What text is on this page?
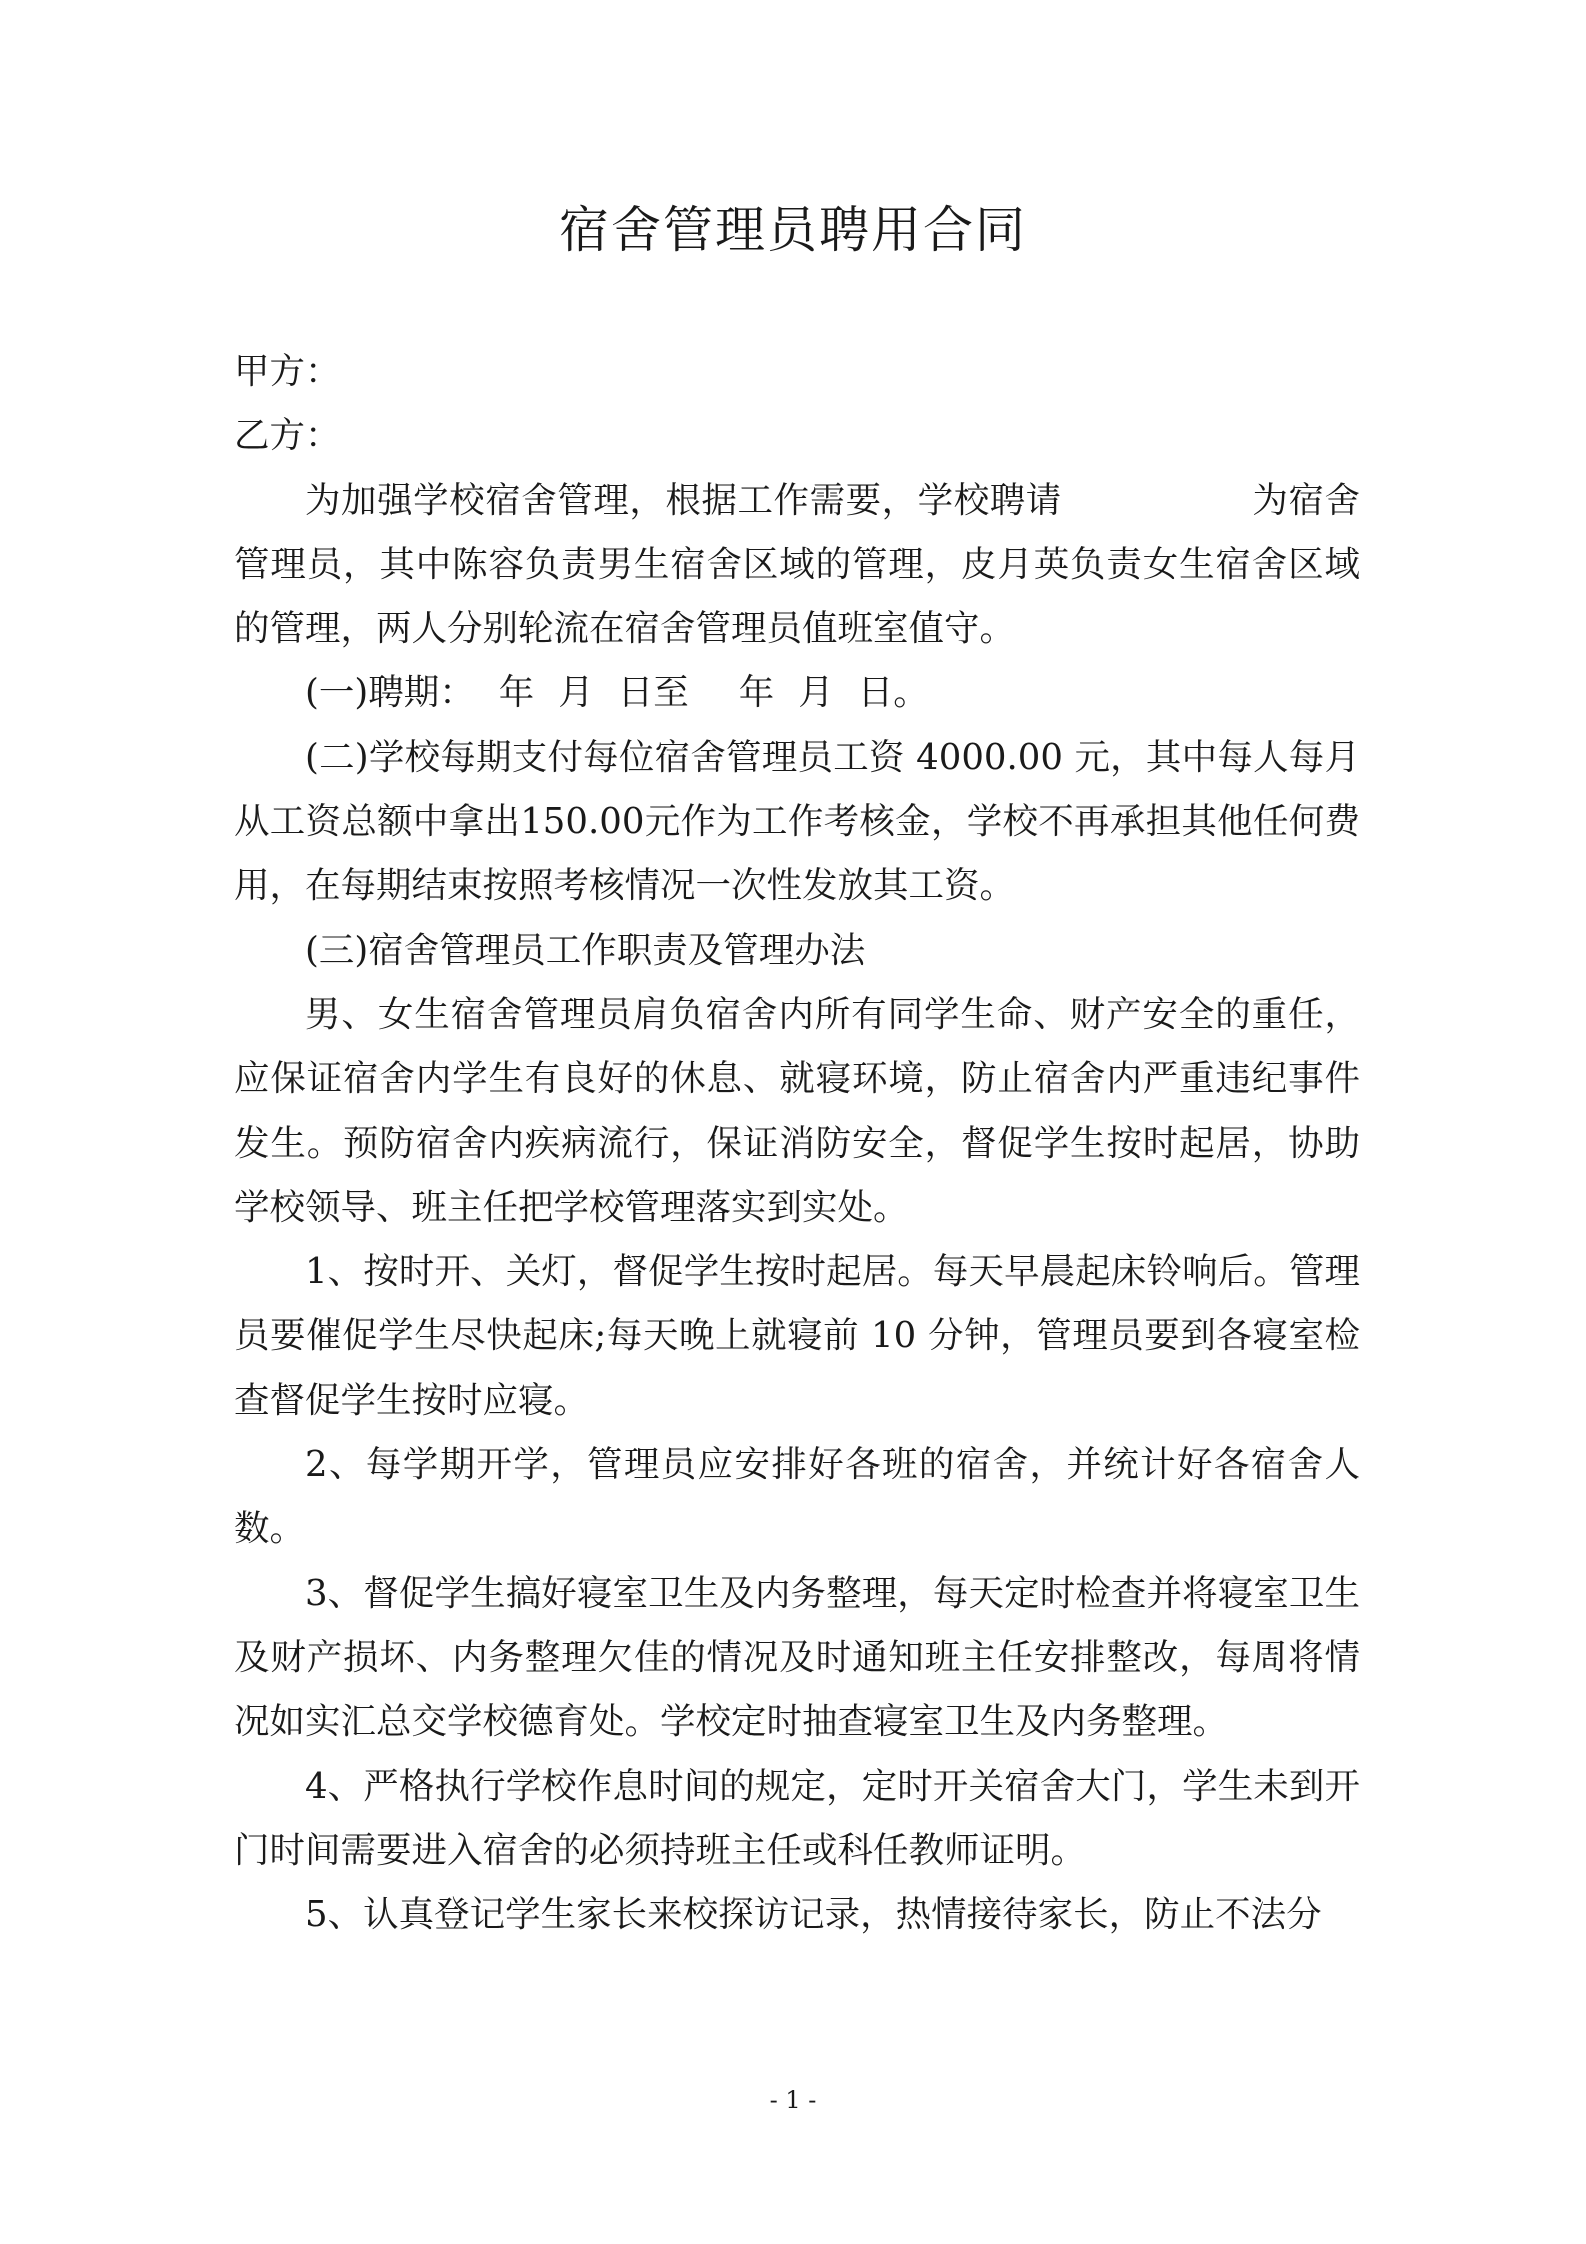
宿舍管理员聘用合同

甲方：

乙方：

为加强学校宿舍管理，根据工作需要，学校聘请	为宿舍管理员，其中陈容负责男生宿舍区域的管理，皮月英负责女生宿舍区域的管理，两人分别轮流在宿舍管理员值班室值守。

(一)聘期： 年 月 日至 年 月 日。

(二)学校每期支付每位宿舍管理员工资 4000.00 元，其中每人每月从工资总额中拿出150.00元作为工作考核金，学校不再承担其他任何费用，在每期结束按照考核情况一次性发放其工资。

(三)宿舍管理员工作职责及管理办法

男、女生宿舍管理员肩负宿舍内所有同学生命、财产安全的重任，应保证宿舍内学生有良好的休息、就寝环境，防止宿舍内严重违纪事件发生。预防宿舍内疾病流行，保证消防安全，督促学生按时起居，协助学校领导、班主任把学校管理落实到实处。

1、按时开、关灯，督促学生按时起居。每天早晨起床铃响后。管理员要催促学生尽快起床;每天晚上就寝前 10 分钟，管理员要到各寝室检查督促学生按时应寝。

2、每学期开学，管理员应安排好各班的宿舍，并统计好各宿舍人数。

3、督促学生搞好寝室卫生及内务整理，每天定时检查并将寝室卫生及财产损坏、内务整理欠佳的情况及时通知班主任安排整改，每周将情况如实汇总交学校德育处。学校定时抽查寝室卫生及内务整理。

4、严格执行学校作息时间的规定，定时开关宿舍大门，学生未到开门时间需要进入宿舍的必须持班主任或科任教师证明。

5、认真登记学生家长来校探访记录，热情接待家长，防止不法分

- 1 -
